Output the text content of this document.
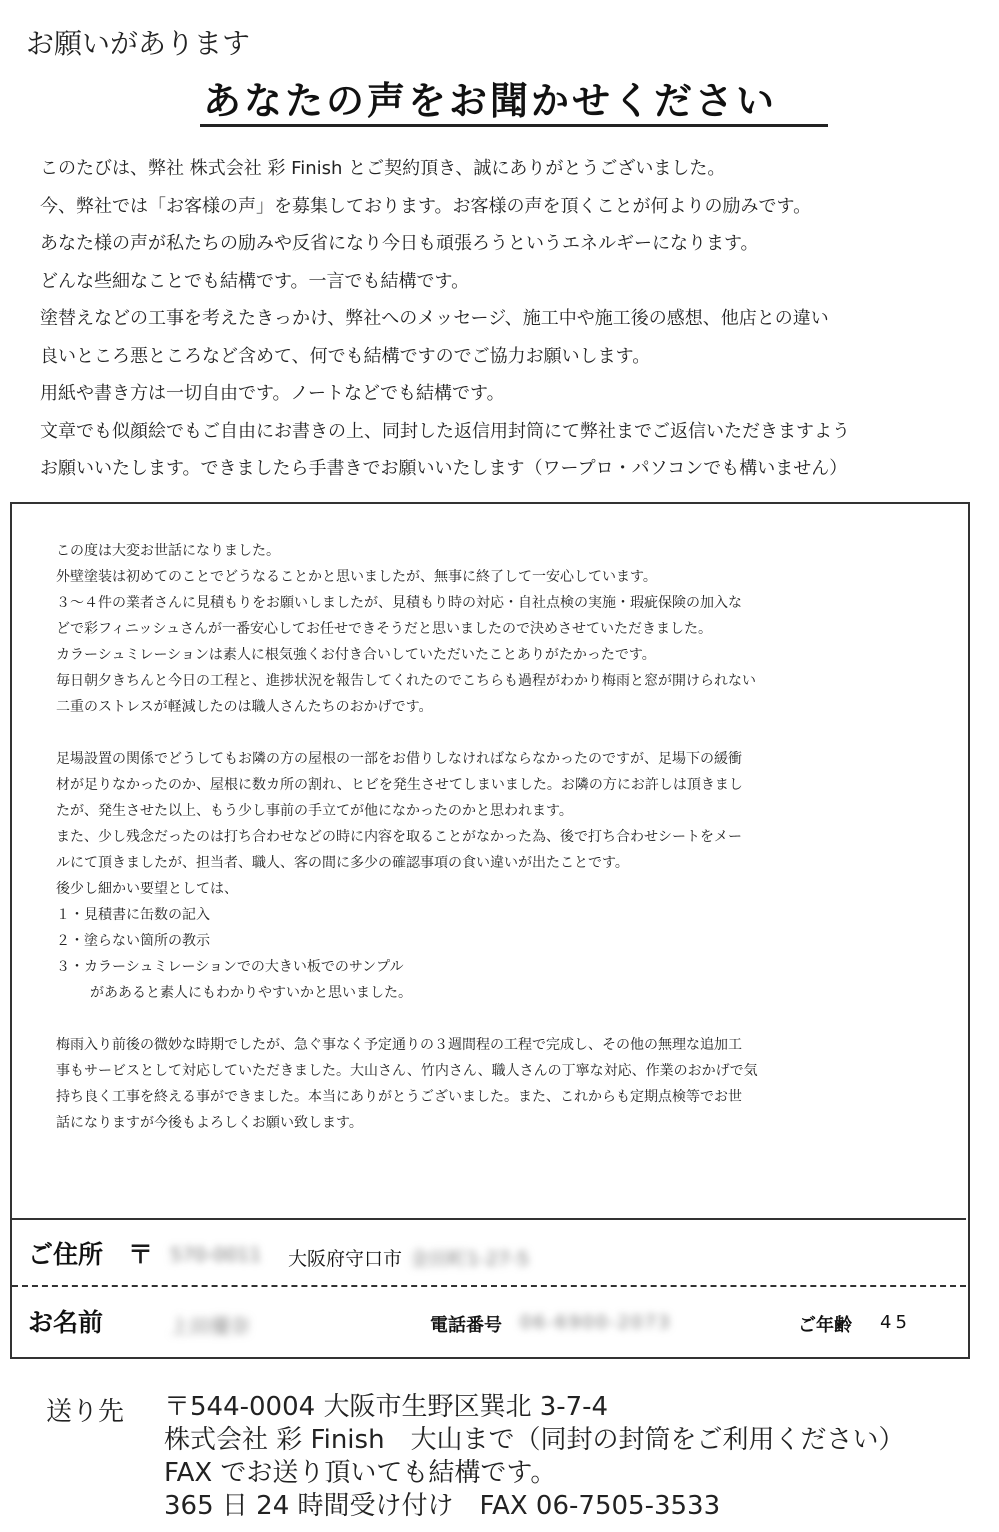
お願いがあります
あなたの声をお聞かせください
このたびは、弊社 株式会社 彩 Finish とご契約頂き、誠にありがとうございました。
今、弊社では「お客様の声」を募集しております。お客様の声を頂くことが何よりの励みです。
あなた様の声が私たちの励みや反省になり今日も頑張ろうというエネルギーになります。
どんな些細なことでも結構です。一言でも結構です。
塗替えなどの工事を考えたきっかけ、弊社へのメッセージ、施工中や施工後の感想、他店との違い
良いところ悪ところなど含めて、何でも結構ですのでご協力お願いします。
用紙や書き方は一切自由です。ノートなどでも結構です。
文章でも似顔絵でもご自由にお書きの上、同封した返信用封筒にて弊社までご返信いただきますよう
お願いいたします。できましたら手書きでお願いいたします（ワープロ・パソコンでも構いません）
この度は大変お世話になりました。
外壁塗装は初めてのことでどうなることかと思いましたが、無事に終了して一安心しています。
３～４件の業者さんに見積もりをお願いしましたが、見積もり時の対応・自社点検の実施・瑕疵保険の加入な
どで彩フィニッシュさんが一番安心してお任せできそうだと思いましたので決めさせていただきました。
カラーシュミレーションは素人に根気強くお付き合いしていただいたことありがたかったです。
毎日朝夕きちんと今日の工程と、進捗状況を報告してくれたのでこちらも過程がわかり梅雨と窓が開けられない
二重のストレスが軽減したのは職人さんたちのおかげです。
足場設置の関係でどうしてもお隣の方の屋根の一部をお借りしなければならなかったのですが、足場下の緩衝
材が足りなかったのか、屋根に数カ所の割れ、ヒビを発生させてしまいました。お隣の方にお許しは頂きまし
たが、発生させた以上、もう少し事前の手立てが他になかったのかと思われます。
また、少し残念だったのは打ち合わせなどの時に内容を取ることがなかった為、後で打ち合わせシートをメー
ルにて頂きましたが、担当者、職人、客の間に多少の確認事項の食い違いが出たことです。
後少し細かい要望としては、
１・見積書に缶数の記入
２・塗らない箇所の教示
３・カラーシュミレーションでの大きい板でのサンプル
がああると素人にもわかりやすいかと思いました。
梅雨入り前後の微妙な時期でしたが、急ぐ事なく予定通りの３週間程の工程で完成し、その他の無理な追加工
事もサービスとして対応していただきました。大山さん、竹内さん、職人さんの丁寧な対応、作業のおかげで気
持ち良く工事を終える事ができました。本当にありがとうございました。また、これからも定期点検等でお世
話になりますが今後もよろしくお願い致します。
ご住所 〒 570-0011 大阪府守口市 金田町1-27-5
お名前	上田優奈	電話番号 06-6900-2073	ご年齢 45
送り先 〒544-0004 大阪市生野区巽北 3-7-4
株式会社 彩 Finish　大山まで（同封の封筒をご利用ください）
FAX でお送り頂いても結構です。
365 日 24 時間受け付け　FAX 06-7505-3533
